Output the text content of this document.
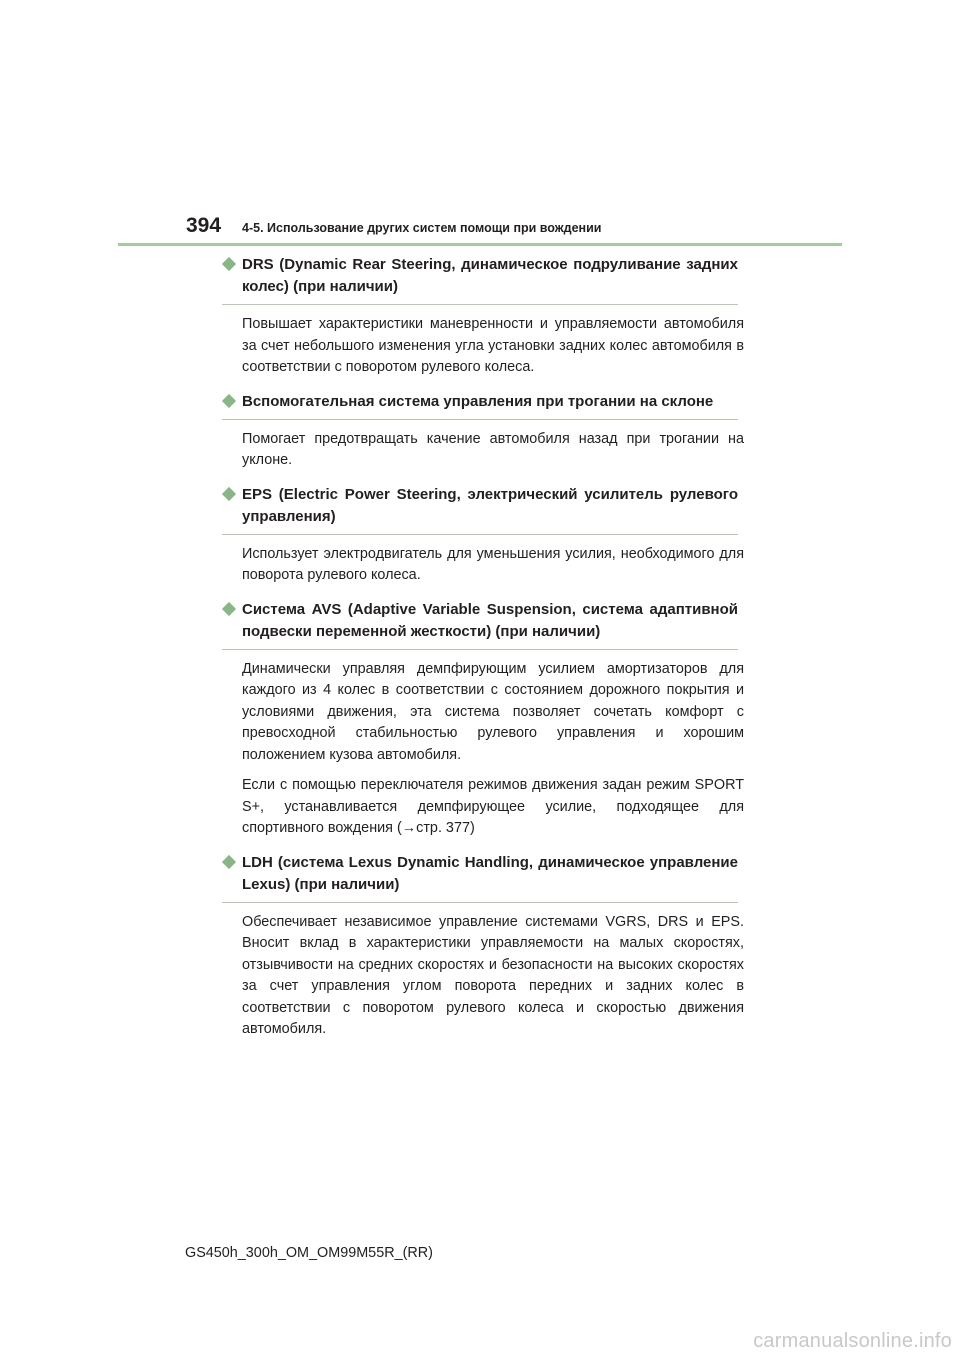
394 4-5. Использование других систем помощи при вождении
DRS (Dynamic Rear Steering, динамическое подруливание задних колес) (при наличии)

Повышает характеристики маневренности и управляемости автомобиля за счет небольшого изменения угла установки задних колес автомобиля в соответствии с поворотом рулевого колеса.

Вспомогательная система управления при трогании на склоне

Помогает предотвращать качение автомобиля назад при трогании на уклоне.

EPS (Electric Power Steering, электрический усилитель рулевого управления)

Использует электродвигатель для уменьшения усилия, необходимого для поворота рулевого колеса.

Система AVS (Adaptive Variable Suspension, система адаптивной подвески переменной жесткости) (при наличии)

Динамически управляя демпфирующим усилием амортизаторов для каждого из 4 колес в соответствии с состоянием дорожного покрытия и условиями движения, эта система позволяет сочетать комфорт с превосходной стабильностью рулевого управления и хорошим положением кузова автомобиля.

Если с помощью переключателя режимов движения задан режим SPORT S+, устанавливается демпфирующее усилие, подходящее для спортивного вождения (→стр. 377)

LDH (система Lexus Dynamic Handling, динамическое управление Lexus) (при наличии)

Обеспечивает независимое управление системами VGRS, DRS и EPS. Вносит вклад в характеристики управляемости на малых скоростях, отзывчивости на средних скоростях и безопасности на высоких скоростях за счет управления углом поворота передних и задних колес в соответствии с поворотом рулевого колеса и скоростью движения автомобиля.

GS450h_300h_OM_OM99M55R_(RR)
carmanualsonline.info
